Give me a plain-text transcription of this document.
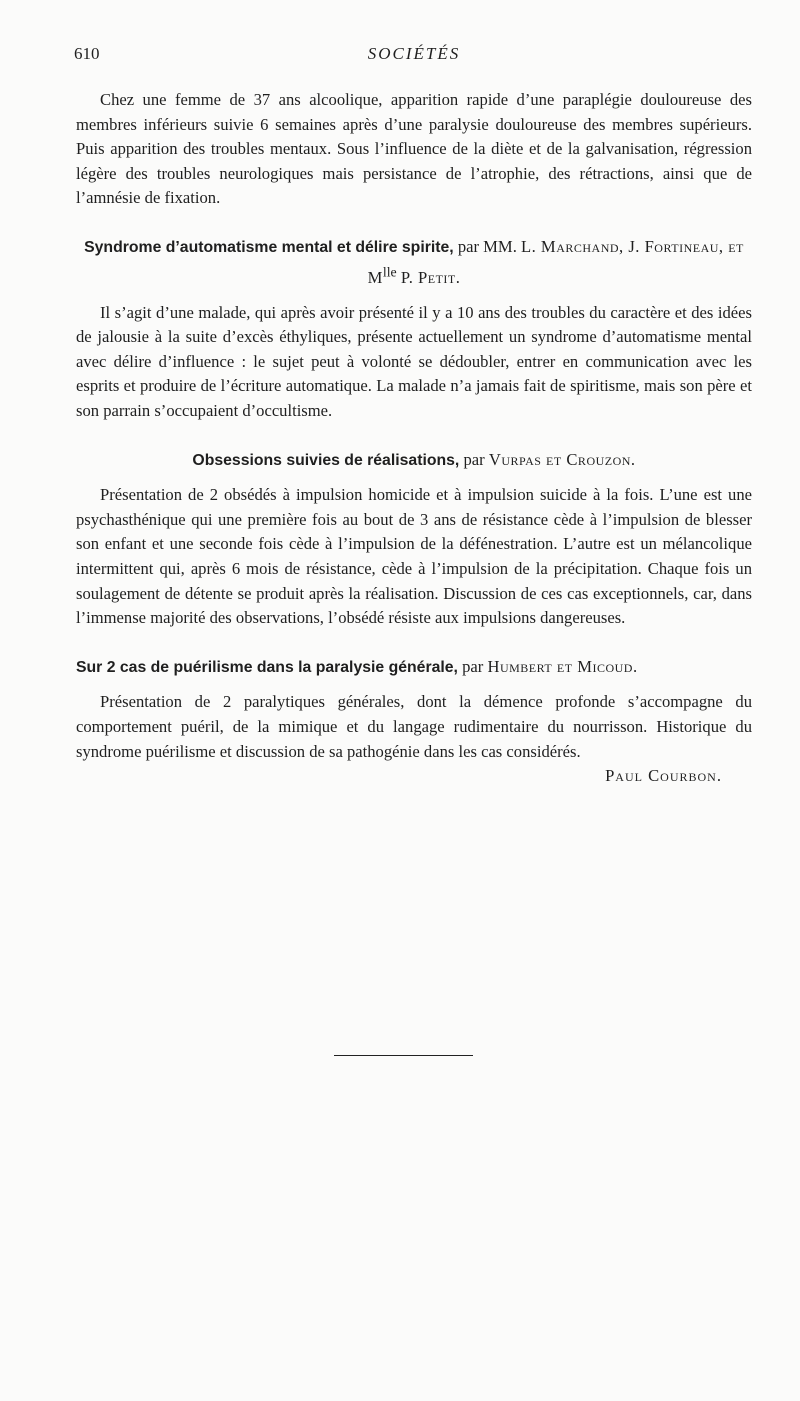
610	SOCIÉTÉS

Chez une femme de 37 ans alcoolique, apparition rapide d’une paraplégie douloureuse des membres inférieurs suivie 6 semaines après d’une paralysie douloureuse des membres supérieurs. Puis apparition des troubles mentaux. Sous l’influence de la diète et de la galvanisation, régression légère des troubles neurologiques mais persistance de l’atrophie, des rétractions, ainsi que de l’amnésie de fixation.

Syndrome d’automatisme mental et délire spirite, par MM. L. Marchand, J. Fortineau, et $M^{lle}$ P. Petit.

Il s’agit d’une malade, qui après avoir présenté il y a 10 ans des troubles du caractère et des idées de jalousie à la suite d’excès éthyliques, présente actuellement un syndrome d’automatisme mental avec délire d’influence : le sujet peut à volonté se dédoubler, entrer en communication avec les esprits et produire de l’écriture automatique. La malade n’a jamais fait de spiritisme, mais son père et son parrain s’occupaient d’occultisme.

Obsessions suivies de réalisations, par Vurpas et Crouzon.

Présentation de 2 obsédés à impulsion homicide et à impulsion suicide à la fois. L’une est une psychasthénique qui une première fois au bout de 3 ans de résistance cède à l’impulsion de blesser son enfant et une seconde fois cède à l’impulsion de la défénestration. L’autre est un mélancolique intermittent qui, après 6 mois de résistance, cède à l’impulsion de la précipitation. Chaque fois un soulagement de détente se produit après la réalisation. Discussion de ces cas exceptionnels, car, dans l’immense majorité des observations, l’obsédé résiste aux impulsions dangereuses.

Sur 2 cas de puérilisme dans la paralysie générale, par Humbert et Micoud.

Présentation de 2 paralytiques générales, dont la démence profonde s’accompagne du comportement puéril, de la mimique et du langage rudimentaire du nourrisson. Historique du syndrome puérilisme et discussion de sa pathogénie dans les cas considérés.

Paul Courbon.
